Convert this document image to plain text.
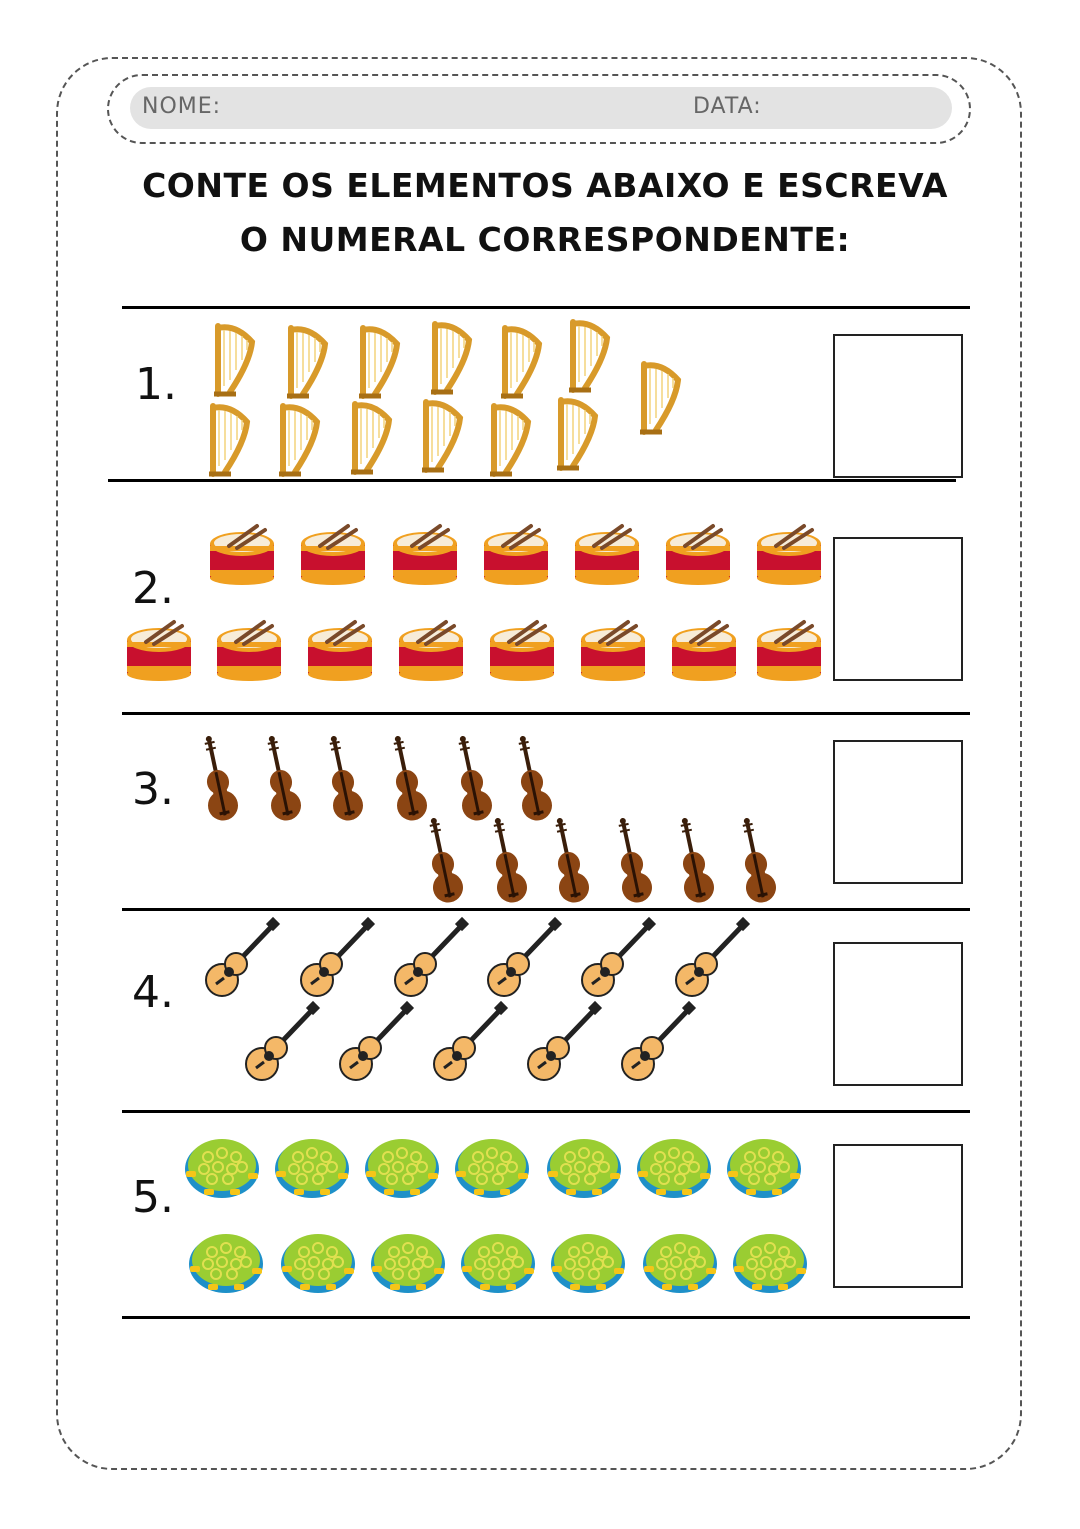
NOME:	DATA:
CONTE OS ELEMENTOS ABAIXO E ESCREVA
O NUMERAL CORRESPONDENTE:
1.
2.
3.
4.
5.
